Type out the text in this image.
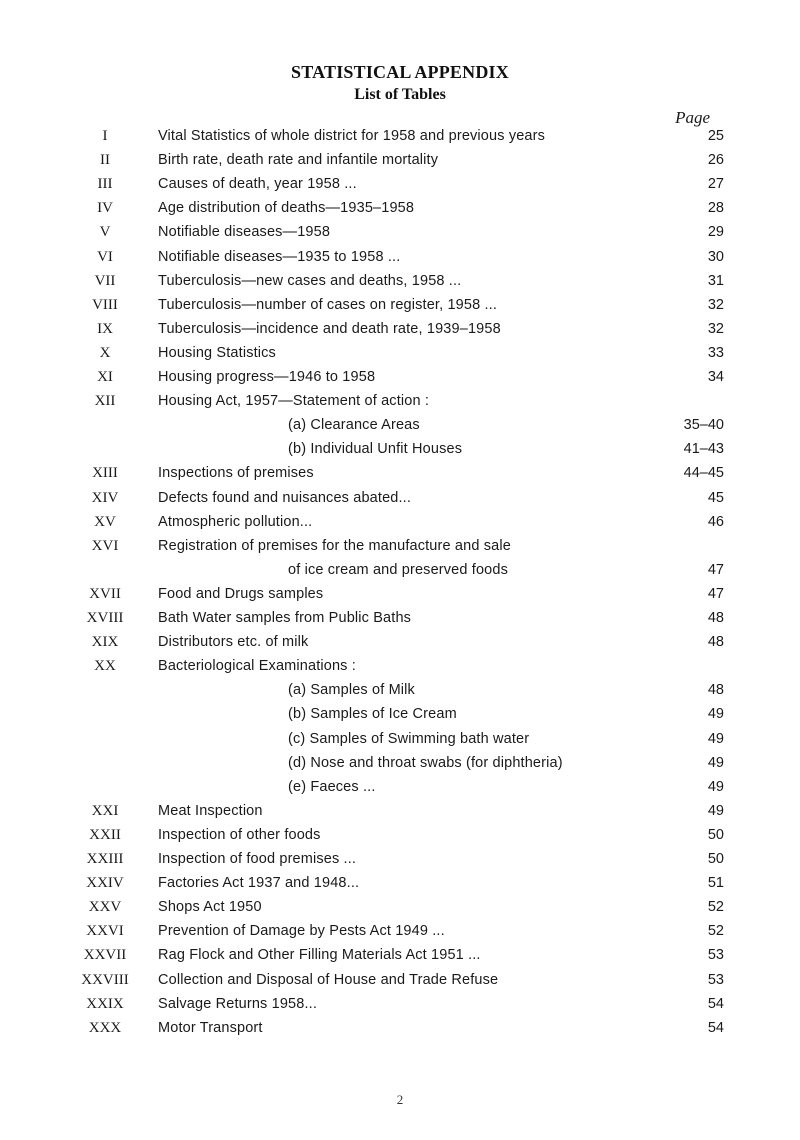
STATISTICAL APPENDIX
List of Tables
Page
I	Vital Statistics of whole district for 1958 and previous years	25
II	Birth rate, death rate and infantile mortality	26
III	Causes of death, year 1958 ...	27
IV	Age distribution of deaths—1935–1958	28
V	Notifiable diseases—1958	29
VI	Notifiable diseases—1935 to 1958 ...	30
VII	Tuberculosis—new cases and deaths, 1958 ...	31
VIII	Tuberculosis—number of cases on register, 1958 ...	32
IX	Tuberculosis—incidence and death rate, 1939–1958	32
X	Housing Statistics	33
XI	Housing progress—1946 to 1958	34
XII	Housing Act, 1957—Statement of action :
(a) Clearance Areas	35–40
(b) Individual Unfit Houses	41–43
XIII	Inspections of premises	44–45
XIV	Defects found and nuisances abated...	45
XV	Atmospheric pollution...	46
XVI	Registration of premises for the manufacture and sale
of ice cream and preserved foods	47
XVII	Food and Drugs samples	47
XVIII	Bath Water samples from Public Baths	48
XIX	Distributors etc. of milk	48
XX	Bacteriological Examinations :
(a) Samples of Milk	48
(b) Samples of Ice Cream	49
(c) Samples of Swimming bath water	49
(d) Nose and throat swabs (for diphtheria)	49
(e) Faeces ...	49
XXI	Meat Inspection	49
XXII	Inspection of other foods	50
XXIII	Inspection of food premises ...	50
XXIV	Factories Act 1937 and 1948...	51
XXV	Shops Act 1950	52
XXVI	Prevention of Damage by Pests Act 1949 ...	52
XXVII	Rag Flock and Other Filling Materials Act 1951 ...	53
XXVIII	Collection and Disposal of House and Trade Refuse	53
XXIX	Salvage Returns 1958...	54
XXX	Motor Transport	54
2
